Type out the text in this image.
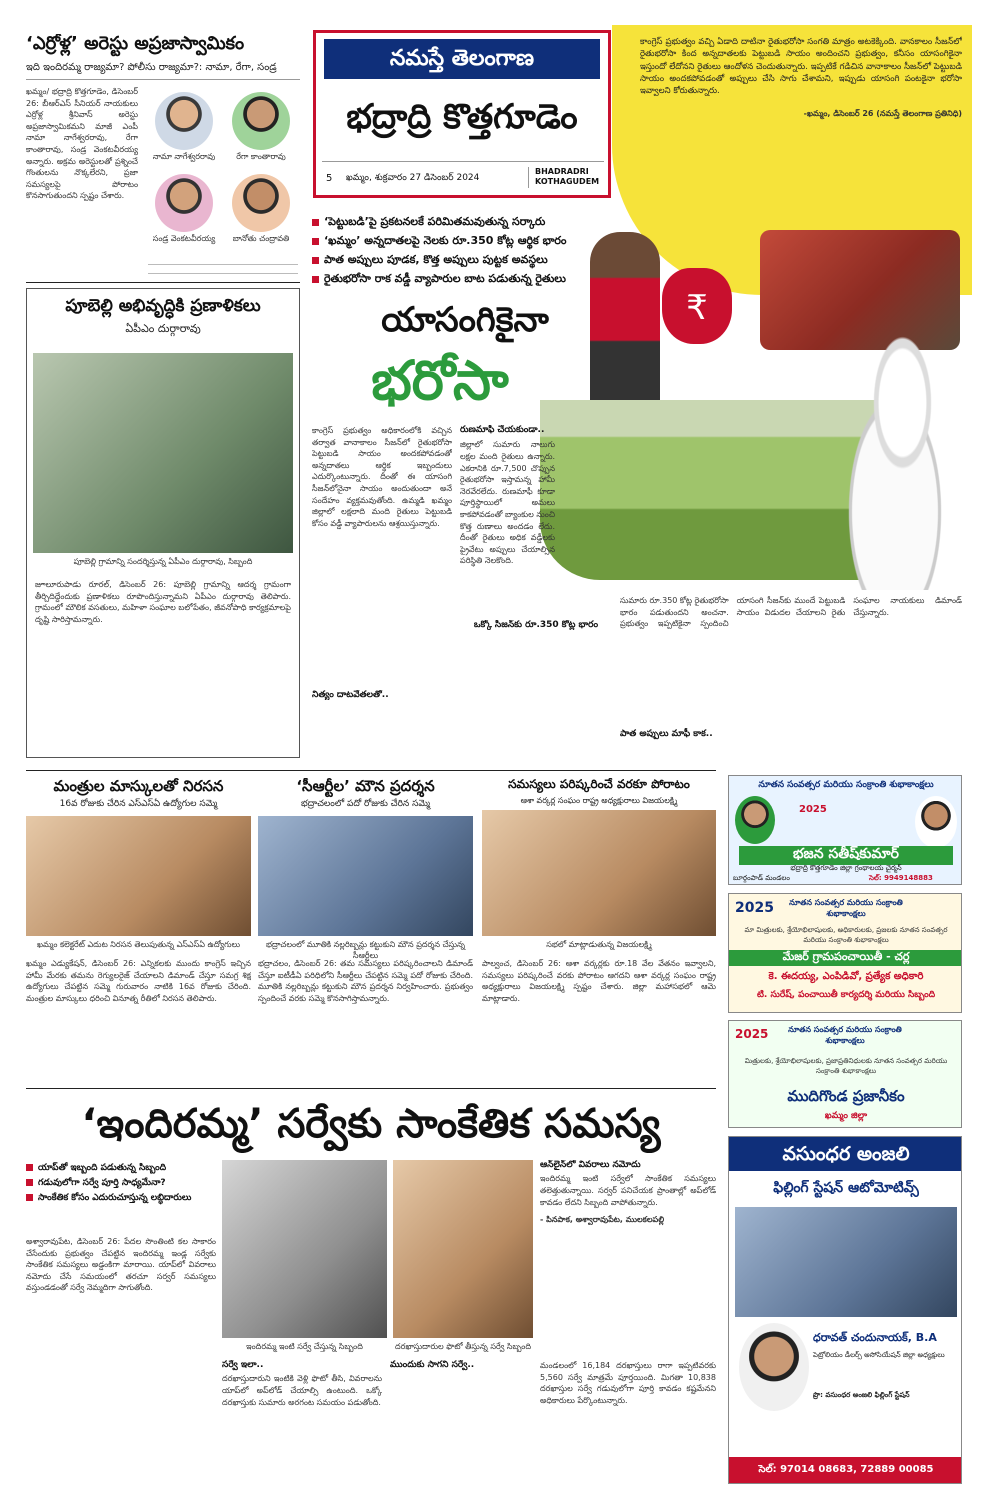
నమస్తే తెలంగాణ
భద్రాద్రి కొత్తగూడెం
5 ఖమ్మం, శుక్రవారం 27 డిసెంబర్ 2024
BHADRADRI
KOTHAGUDEM
‘ఎర్రోళ్ల’ అరెస్టు అప్రజాస్వామికం
ఇది ఇందిరమ్మ రాజ్యమా? పోలీసు రాజ్యమా?: నామా, రేగా, సండ్ర
ఖమ్మం/ భద్రాద్రి కొత్తగూడెం, డిసెంబర్ 26: బీఆర్ఎస్ సీనియర్ నాయకులు ఎర్రోళ్ల శ్రీనివాస్ అరెస్టు అప్రజాస్వామికమని మాజీ ఎంపీ నామా నాగేశ్వరరావు, రేగా కాంతారావు, సండ్ర వెంకటవీరయ్య అన్నారు. అక్రమ అరెస్టులతో ప్రశ్నించే గొంతులను నొక్కలేరని, ప్రజా సమస్యలపై పోరాటం కొనసాగుతుందని స్పష్టం చేశారు.
నామా నాగేశ్వరరావు	రేగా కాంతారావు
సండ్ర వెంకటవీరయ్య	బానోతు చంద్రావతి
పూబెల్లి అభివృద్ధికి ప్రణాళికలు
ఏపీఎం దుర్గారావు
పూబెల్లి గ్రామాన్ని సందర్శిస్తున్న ఏపీఎం దుర్గారావు, సిబ్బంది
జూలూరుపాడు రూరల్, డిసెంబర్ 26: పూబెల్లి గ్రామాన్ని ఆదర్శ గ్రామంగా తీర్చిదిద్దేందుకు ప్రణాళికలు రూపొందిస్తున్నామని ఏపీఎం దుర్గారావు తెలిపారు. గ్రామంలో మౌలిక వసతులు, మహిళా సంఘాల బలోపేతం, జీవనోపాధి కార్యక్రమాలపై దృష్టి సారిస్తామన్నారు.
‘పెట్టుబడి’పై ప్రకటనలకే పరిమితమవుతున్న సర్కారు
‘ఖమ్మం’ అన్నదాతలపై నెలకు రూ.350 కోట్ల ఆర్థిక భారం
పాత అప్పులు పూడక, కొత్త అప్పులు పుట్టక అవస్థలు
రైతుభరోసా రాక వడ్డీ వ్యాపారుల బాట పడుతున్న రైతులు
యాసంగికైనా
భరోసా
కాంగ్రెస్ ప్రభుత్వం వచ్చి ఏడాది దాటినా రైతుభరోసా సంగతి మాత్రం అటకెక్కింది. వానకాలం సీజన్‌లో రైతుభరోసా కింద అన్నదాతలకు పెట్టుబడి సాయం అందించని ప్రభుత్వం, కనీసం యాసంగికైనా ఇస్తుందో లేదోనని రైతులు ఆందోళన చెందుతున్నారు. ఇప్పటికే గడిచిన వానాకాలం సీజన్‌లో పెట్టుబడి సాయం అందకపోవడంతో అప్పులు చేసి సాగు చేశామని, ఇప్పుడు యాసంగి పంటకైనా భరోసా ఇవ్వాలని కోరుతున్నారు.
-ఖమ్మం, డిసెంబర్ 26 (నమస్తే తెలంగాణ ప్రతినిధి)
₹
కాంగ్రెస్ ప్రభుత్వం అధికారంలోకి వచ్చిన తర్వాత వానాకాలం సీజన్‌లో రైతుభరోసా పెట్టుబడి సాయం అందకపోవడంతో అన్నదాతలు ఆర్థిక ఇబ్బందులు ఎదుర్కొంటున్నారు. దీంతో ఈ యాసంగి సీజన్‌లోనైనా సాయం అందుతుందా అనే సందేహం వ్యక్తమవుతోంది. ఉమ్మడి ఖమ్మం జిల్లాలో లక్షలాది మంది రైతులు పెట్టుబడి కోసం వడ్డీ వ్యాపారులను ఆశ్రయిస్తున్నారు.
రుణమాఫీ చేయకుండా..
జిల్లాలో సుమారు నాలుగు లక్షల మంది రైతులు ఉన్నారు. ఎకరానికి రూ.7,500 చొప్పున రైతుభరోసా ఇస్తామన్న హామీ నెరవేరలేదు. రుణమాఫీ కూడా పూర్తిస్థాయిలో అమలు కాకపోవడంతో బ్యాంకుల నుంచి కొత్త రుణాలు అందడం లేదు. దీంతో రైతులు అధిక వడ్డీలకు ప్రైవేటు అప్పులు చేయాల్సిన పరిస్థితి నెలకొంది.
నిత్యం దాటవేతలతో..
ఒక్కో సీజన్‌కు రూ.350 కోట్ల భారం
సుమారు రూ.350 కోట్ల రైతుభరోసా భారం పడుతుందని అంచనా. ప్రభుత్వం ఇప్పటికైనా స్పందించి యాసంగి సీజన్‌కు ముందే పెట్టుబడి సాయం విడుదల చేయాలని రైతు సంఘాల నాయకులు డిమాండ్ చేస్తున్నారు.
పాత అప్పులు మాఫీ కాక..
మంత్రుల మాస్కులతో నిరసన
16వ రోజుకు చేరిన ఎస్ఎస్ఏ ఉద్యోగుల సమ్మె
ఖమ్మం కలెక్టరేట్ ఎదుట నిరసన తెలుపుతున్న ఎస్ఎస్ఏ ఉద్యోగులు
ఖమ్మం ఎడ్యుకేషన్, డిసెంబర్ 26: ఎన్నికలకు ముందు కాంగ్రెస్ ఇచ్చిన హామీ మేరకు తమను రెగ్యులరైజ్ చేయాలని డిమాండ్ చేస్తూ సమగ్ర శిక్ష ఉద్యోగులు చేపట్టిన సమ్మె గురువారం నాటికి 16వ రోజుకు చేరింది. మంత్రుల మాస్కులు ధరించి వినూత్న రీతిలో నిరసన తెలిపారు.
‘సీఆర్టీల’ మౌన ప్రదర్శన
భద్రాచలంలో పదో రోజుకు చేరిన సమ్మె
భద్రాచలంలో మూతికి నల్లరిబ్బన్లు కట్టుకుని మౌన ప్రదర్శన చేస్తున్న సీఆర్టీలు
భద్రాచలం, డిసెంబర్ 26: తమ సమస్యలు పరిష్కరించాలని డిమాండ్ చేస్తూ ఐటీడీఏ పరిధిలోని సీఆర్టీలు చేపట్టిన సమ్మె పదో రోజుకు చేరింది. మూతికి నల్లరిబ్బన్లు కట్టుకుని మౌన ప్రదర్శన నిర్వహించారు. ప్రభుత్వం స్పందించే వరకు సమ్మె కొనసాగిస్తామన్నారు.
సమస్యలు పరిష్కరించే వరకూ పోరాటం
ఆశా వర్కర్ల సంఘం రాష్ట్ర అధ్యక్షురాలు విజయలక్ష్మి
సభలో మాట్లాడుతున్న విజయలక్ష్మి
పాల్వంచ, డిసెంబర్ 26: ఆశా వర్కర్లకు రూ.18 వేల వేతనం ఇవ్వాలని, సమస్యలు పరిష్కరించే వరకు పోరాటం ఆగదని ఆశా వర్కర్ల సంఘం రాష్ట్ర అధ్యక్షురాలు విజయలక్ష్మి స్పష్టం చేశారు. జిల్లా మహాసభలో ఆమె మాట్లాడారు.
‘ఇందిరమ్మ’ సర్వేకు సాంకేతిక సమస్య
యాప్‌తో ఇబ్బంది పడుతున్న సిబ్బంది
గడువులోగా సర్వే పూర్తి సాధ్యమేనా?
సాంకేతిక కోసం ఎదురుచూస్తున్న లబ్ధిదారులు
అశ్వారావుపేట, డిసెంబర్ 26: పేదల సొంతింటి కల సాకారం చేసేందుకు ప్రభుత్వం చేపట్టిన ఇందిరమ్మ ఇండ్ల సర్వేకు సాంకేతిక సమస్యలు అడ్డంకిగా మారాయి. యాప్‌లో వివరాలు నమోదు చేసే సమయంలో తరచూ సర్వర్ సమస్యలు వస్తుండడంతో సర్వే నెమ్మదిగా సాగుతోంది.
ఇందిరమ్మ ఇంటి సర్వే చేస్తున్న సిబ్బంది	దరఖాస్తుదారుల ఫొటో తీస్తున్న సర్వే సిబ్బంది
ఆన్‌లైన్‌లో వివరాలు నమోదు
ఇందిరమ్మ ఇంటి సర్వేలో సాంకేతిక సమస్యలు తలెత్తుతున్నాయి. సర్వర్ పనిచేయక ప్రాంతాల్లో అప్‌లోడ్ కావడం లేదని సిబ్బంది వాపోతున్నారు.
- పినపాక, అశ్వారావుపేట, ములకలపల్లి
సర్వే ఇలా..
దరఖాస్తుదారుని ఇంటికి వెళ్లి ఫొటో తీసి, వివరాలను యాప్‌లో అప్‌లోడ్ చేయాల్సి ఉంటుంది. ఒక్కో దరఖాస్తుకు సుమారు అరగంట సమయం పడుతోంది.
ముందుకు సాగని సర్వే..	మండలంలో 16,184 దరఖాస్తులు రాగా ఇప్పటివరకు 5,560 సర్వే మాత్రమే పూర్తయింది. మిగతా 10,838 దరఖాస్తుల సర్వే గడువులోగా పూర్తి కావడం కష్టమేనని అధికారులు పేర్కొంటున్నారు.
2025
నూతన సంవత్సర మరియు సంక్రాంతి శుభాకాంక్షలు
భజన సతీష్‌కుమార్
భద్రాద్రి కొత్తగూడెం జిల్లా గ్రంథాలయ చైర్మన్
బూర్గంపాడ్ మండలం	సెల్: 9949148883
2025	నూతన సంవత్సర మరియు సంక్రాంతి శుభాకాంక్షలు
మా మిత్రులకు, శ్రేయోభిలాషులకు, అధికారులకు, ప్రజలకు నూతన సంవత్సర మరియు సంక్రాంతి శుభాకాంక్షలు
మేజర్ గ్రామపంచాయితీ - చర్ల
కె. ఈదయ్య, ఎంపిడివో, ప్రత్యేక అధికారి
టి. సురేష్, పంచాయితీ కార్యదర్శి మరియు సిబ్బంది
2025	నూతన సంవత్సర మరియు సంక్రాంతి శుభాకాంక్షలు
మిత్రులకు, శ్రేయోభిలాషులకు, ప్రజాప్రతినిధులకు నూతన సంవత్సర మరియు సంక్రాంతి శుభాకాంక్షలు
ముదిగొండ ప్రజానీకం
ఖమ్మం జిల్లా
వసుంధర అంజలి
ఫిల్లింగ్ స్టేషన్ ఆటోమోటివ్స్
ధరావత్ చందునాయక్, B.A
పెట్రోలియం డీలర్స్ అసోసియేషన్ జిల్లా అధ్యక్షులు
ప్రొ: వసుంధర అంజలి ఫిల్లింగ్ స్టేషన్
సెల్: 97014 08683, 72889 00085
